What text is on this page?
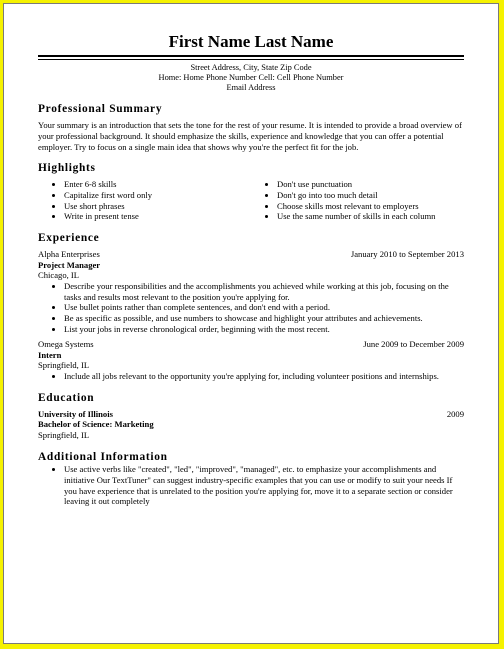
First Name Last Name
Street Address, City, State Zip Code
Home: Home Phone Number Cell: Cell Phone Number
Email Address
Professional Summary

Your summary is an introduction that sets the tone for the rest of your resume. It is intended to provide a broad overview of your professional background. It should emphasize the skills, experience and knowledge that you can offer a potential employer. Try to focus on a single main idea that shows why you're the perfect fit for the job.

Highlights
• Enter 6-8 skills
• Capitalize first word only
• Use short phrases
• Write in present tense
• Don't use punctuation
• Don't go into too much detail
• Choose skills most relevant to employers
• Use the same number of skills in each column
Experience
Alpha Enterprises	January 2010 to September 2013
Project Manager
Chicago, IL
• Describe your responsibilities and the accomplishments you achieved while working at this job, focusing on the tasks and results most relevant to the position you're applying for.
• Use bullet points rather than complete sentences, and don't end with a period.
• Be as specific as possible, and use numbers to showcase and highlight your attributes and achievements.
• List your jobs in reverse chronological order, beginning with the most recent.
Omega Systems	June 2009 to December 2009
Intern
Springfield, IL
• Include all jobs relevant to the opportunity you're applying for, including volunteer positions and internships.
Education
University of Illinois	2009
Bachelor of Science : Marketing
Springfield, IL
Additional Information
• Use active verbs like "created", "led", "improved", "managed", etc. to emphasize your accomplishments and initiative Our TextTuner" can suggest industry-specific examples that you can use or modify to suit your needs If you have experience that is unrelated to the position you're applying for, move it to a separate section or consider leaving it out completely
